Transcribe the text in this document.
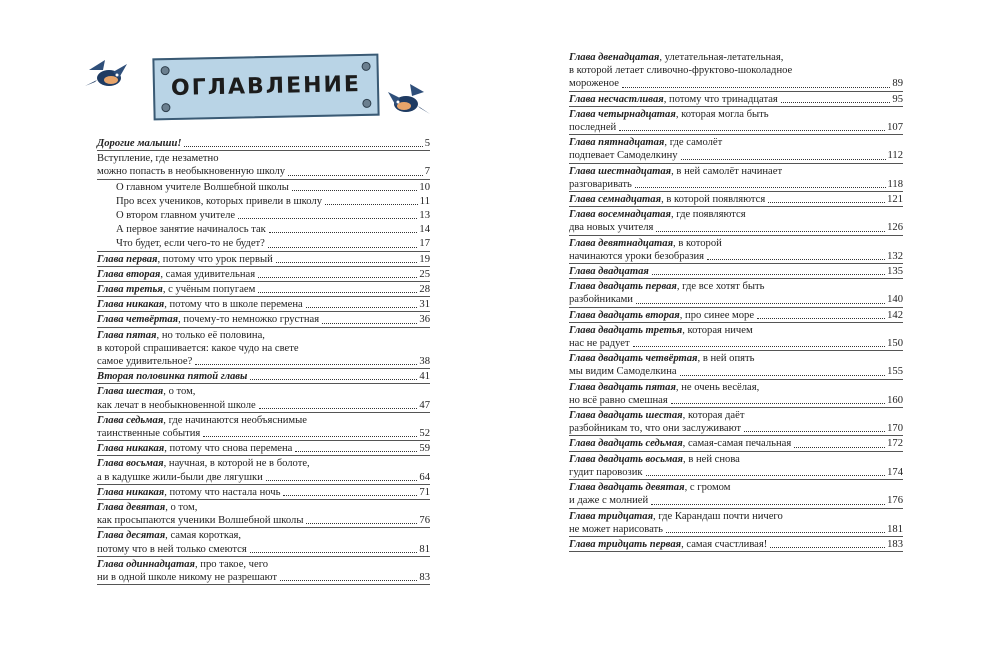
ОГЛАВЛЕНИЕ
Дорогие малыши!	5
Вступление, где незаметно
можно попасть в необыкновенную школу	7
О главном учителе Волшебной школы	10
Про всех учеников, которых привели в школу	11
О втором главном учителе	13
А первое занятие начиналось так	14
Что будет, если чего-то не будет?	17
Глава первая, потому что урок первый	19
Глава вторая, самая удивительная	25
Глава третья, с учёным попугаем	28
Глава никакая, потому что в школе перемена	31
Глава четвёртая, почему-то немножко грустная	36
Глава пятая, но только её половина,
в которой спрашивается: какое чудо на свете
самое удивительное?	38
Вторая половинка пятой главы	41
Глава шестая, о том,
как лечат в необыкновенной школе	47
Глава седьмая, где начинаются необъяснимые
таинственные события	52
Глава никакая, потому что снова перемена	59
Глава восьмая, научная, в которой не в болоте,
а в кадушке жили-были две лягушки	64
Глава никакая, потому что настала ночь	71
Глава девятая, о том,
как просыпаются ученики Волшебной школы	76
Глава десятая, самая короткая,
потому что в ней только смеются	81
Глава одиннадцатая, про такое, чего
ни в одной школе никому не разрешают	83
Глава двенадцатая, улетательная-летательная,
в которой летает сливочно-фруктово-шоколадное
мороженое	89
Глава несчастливая, потому что тринадцатая	95
Глава четырнадцатая, которая могла быть
последней	107
Глава пятнадцатая, где самолёт
подпевает Самоделкину	112
Глава шестнадцатая, в ней самолёт начинает
разговаривать	118
Глава семнадцатая, в которой появляются	121
Глава восемнадцатая, где появляются
два новых учителя	126
Глава девятнадцатая, в которой
начинаются уроки безобразия	132
Глава двадцатая	135
Глава двадцать первая, где все хотят быть
разбойниками	140
Глава двадцать вторая, про синее море	142
Глава двадцать третья, которая ничем
нас не радует	150
Глава двадцать четвёртая, в ней опять
мы видим Самоделкина	155
Глава двадцать пятая, не очень весёлая,
но всё равно смешная	160
Глава двадцать шестая, которая даёт
разбойникам то, что они заслуживают	170
Глава двадцать седьмая, самая-самая печальная	172
Глава двадцать восьмая, в ней снова
гудит паровозик	174
Глава двадцать девятая, с громом
и даже с молнией	176
Глава тридцатая, где Карандаш почти ничего
не может нарисовать	181
Глава тридцать первая, самая счастливая!	183
